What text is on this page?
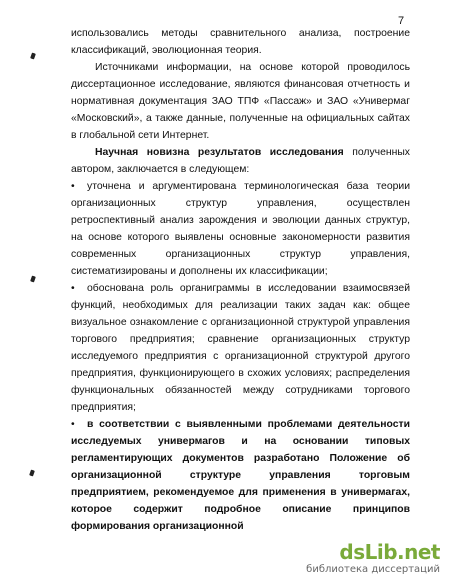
7

использовались методы сравнительного анализа, построение классификаций, эволюционная теория.

Источниками информации, на основе которой проводилось диссертационное исследование, являются финансовая отчетность и нормативная документация ЗАО ТПФ «Пассаж» и ЗАО «Универмаг «Московский», а также данные, полученные на официальных сайтах в глобальной сети Интернет.

Научная новизна результатов исследования полученных автором, заключается в следующем:

• уточнена и аргументирована терминологическая база теории организационных структур управления, осуществлен ретроспективный анализ зарождения и эволюции данных структур, на основе которого выявлены основные закономерности развития современных организационных структур управления, систематизированы и дополнены их классификации;

• обоснована роль органиграммы в исследовании взаимосвязей функций, необходимых для реализации таких задач как: общее визуальное ознакомление с организационной структурой управления торгового предприятия; сравнение организационных структур исследуемого предприятия с организационной структурой другого предприятия, функционирующего в схожих условиях; распределения функциональных обязанностей между сотрудниками торгового предприятия;

• в соответствии с выявленными проблемами деятельности исследуемых универмагов и на основании типовых регламентирующих документов разработано Положение об организационной структуре управления торговым предприятием, рекомендуемое для применения в универмагах, которое содержит подробное описание принципов формирования организационной

dsLib.net
библиотека диссертаций
